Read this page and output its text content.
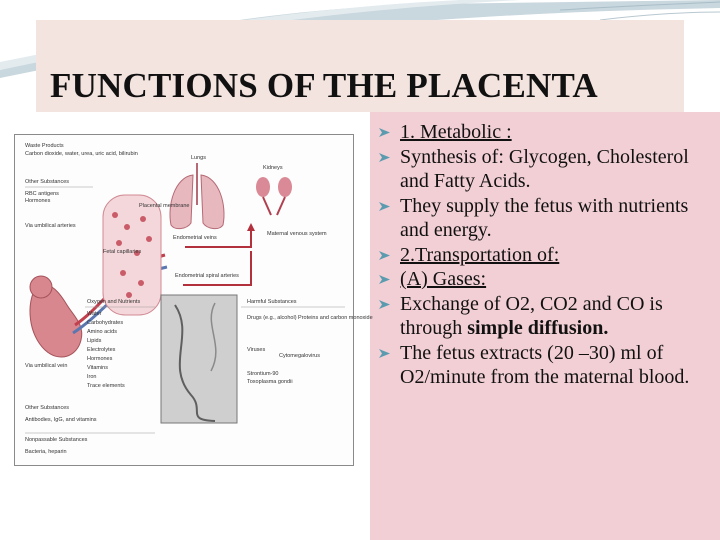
FUNCTIONS OF THE PLACENTA
Waste Products
Carbon dioxide, water, urea, uric acid, bilirubin
Other Substances
RBC antigens
Hormones
Via umbilical arteries
Via umbilical vein
Lungs
Kidneys
Placental membrane
Fetal capillaries
Endometrial veins
Maternal venous system
Endometrial spiral arteries
Oxygen and Nutrients	Harmful Substances
Drugs (e.g., alcohol) Proteins and carbon monoxide
Viruses
Cytomegalovirus
Strontium-90
Toxoplasma gondii
Other Substances
Antibodies, IgG, and vitamins
Nonpassable Substances
Bacteria, heparin
Water
Carbohydrates
Amino acids
Lipids
Electrolytes
Hormones
Vitamins
Iron
Trace elements
1. Metabolic :
Synthesis of: Glycogen, Cholesterol and Fatty Acids.
They supply the fetus with nutrients and energy.
2.Transportation of:
(A) Gases:
Exchange of O2, CO2 and CO is through simple diffusion.
The fetus extracts (20 –30) ml of O2/minute from the maternal blood.
